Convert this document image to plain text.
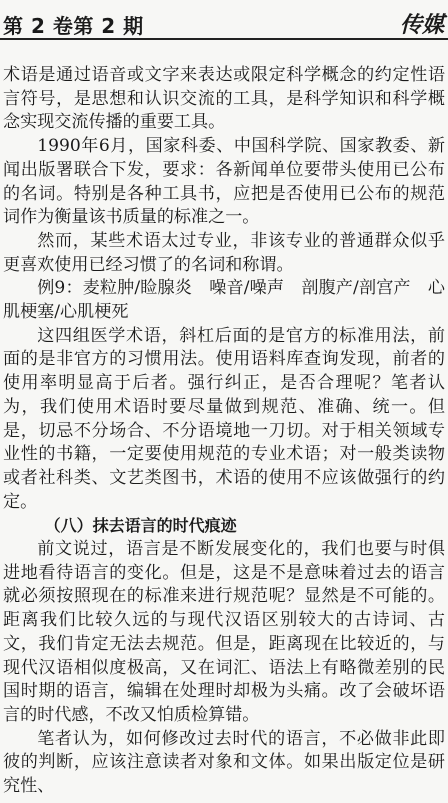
第 2 卷第 2 期	传媒

术语是通过语音或文字来表达或限定科学概念的约定性语言符号，是思想和认识交流的工具，是科学知识和科学概念实现交流传播的重要工具。

1990年6月，国家科委、中国科学院、国家教委、新闻出版署联合下发，要求：各新闻单位要带头使用已公布的名词。特别是各种工具书，应把是否使用已公布的规范词作为衡量该书质量的标准之一。

然而，某些术语太过专业，非该专业的普通群众似乎更喜欢使用已经习惯了的名词和称谓。

例9：麦粒肿/睑腺炎　噪音/噪声　剖腹产/剖宫产　心肌梗塞/心肌梗死

这四组医学术语，斜杠后面的是官方的标准用法，前面的是非官方的习惯用法。使用语料库查询发现，前者的使用率明显高于后者。强行纠正，是否合理呢？笔者认为，我们使用术语时要尽量做到规范、准确、统一。但是，切忌不分场合、不分语境地一刀切。对于相关领域专业性的书籍，一定要使用规范的专业术语；对一般类读物或者社科类、文艺类图书，术语的使用不应该做强行的约定。

（八）抹去语言的时代痕迹

前文说过，语言是不断发展变化的，我们也要与时俱进地看待语言的变化。但是，这是不是意味着过去的语言就必须按照现在的标准来进行规范呢？显然是不可能的。距离我们比较久远的与现代汉语区别较大的古诗词、古文，我们肯定无法去规范。但是，距离现在比较近的，与现代汉语相似度极高，又在词汇、语法上有略微差别的民国时期的语言，编辑在处理时却极为头痛。改了会破坏语言的时代感，不改又怕质检算错。

笔者认为，如何修改过去时代的语言，不必做非此即彼的判断，应该注意读者对象和文体。如果出版定位是研究性、
